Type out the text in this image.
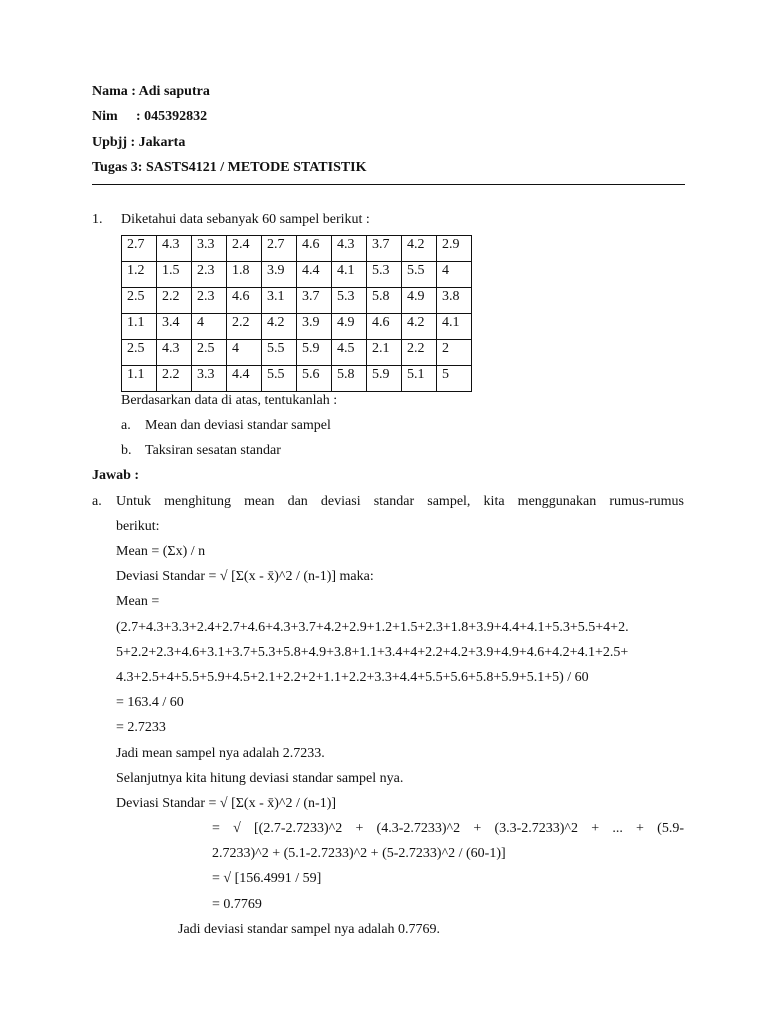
Nama : Adi saputra
Nim : 045392832
Upbjj : Jakarta
Tugas 3: SASTS4121 / METODE STATISTIK
1. Diketahui data sebanyak 60 sampel berikut :
2.7	4.3	3.3	2.4	2.7	4.6	4.3	3.7	4.2	2.9
1.2	1.5	2.3	1.8	3.9	4.4	4.1	5.3	5.5	4
2.5	2.2	2.3	4.6	3.1	3.7	5.3	5.8	4.9	3.8
1.1	3.4	4	2.2	4.2	3.9	4.9	4.6	4.2	4.1
2.5	4.3	2.5	4	5.5	5.9	4.5	2.1	2.2	2
1.1	2.2	3.3	4.4	5.5	5.6	5.8	5.9	5.1	5
Berdasarkan data di atas, tentukanlah :
a. Mean dan deviasi standar sampel
b. Taksiran sesatan standar
Jawab :
a. Untuk menghitung mean dan deviasi standar sampel, kita menggunakan rumus-rumus
berikut:
Mean = (Σx) / n
Deviasi Standar = √ [Σ(x - x̄)^2 / (n-1)] maka:
Mean =
(2.7+4.3+3.3+2.4+2.7+4.6+4.3+3.7+4.2+2.9+1.2+1.5+2.3+1.8+3.9+4.4+4.1+5.3+5.5+4+2.
5+2.2+2.3+4.6+3.1+3.7+5.3+5.8+4.9+3.8+1.1+3.4+4+2.2+4.2+3.9+4.9+4.6+4.2+4.1+2.5+
4.3+2.5+4+5.5+5.9+4.5+2.1+2.2+2+1.1+2.2+3.3+4.4+5.5+5.6+5.8+5.9+5.1+5) / 60
= 163.4 / 60
= 2.7233
Jadi mean sampel nya adalah 2.7233.
Selanjutnya kita hitung deviasi standar sampel nya.
Deviasi Standar = √ [Σ(x - x̄)^2 / (n-1)]
= √ [(2.7-2.7233)^2 + (4.3-2.7233)^2 + (3.3-2.7233)^2 + ... + (5.9-
2.7233)^2 + (5.1-2.7233)^2 + (5-2.7233)^2 / (60-1)]
= √ [156.4991 / 59]
= 0.7769
Jadi deviasi standar sampel nya adalah 0.7769.
